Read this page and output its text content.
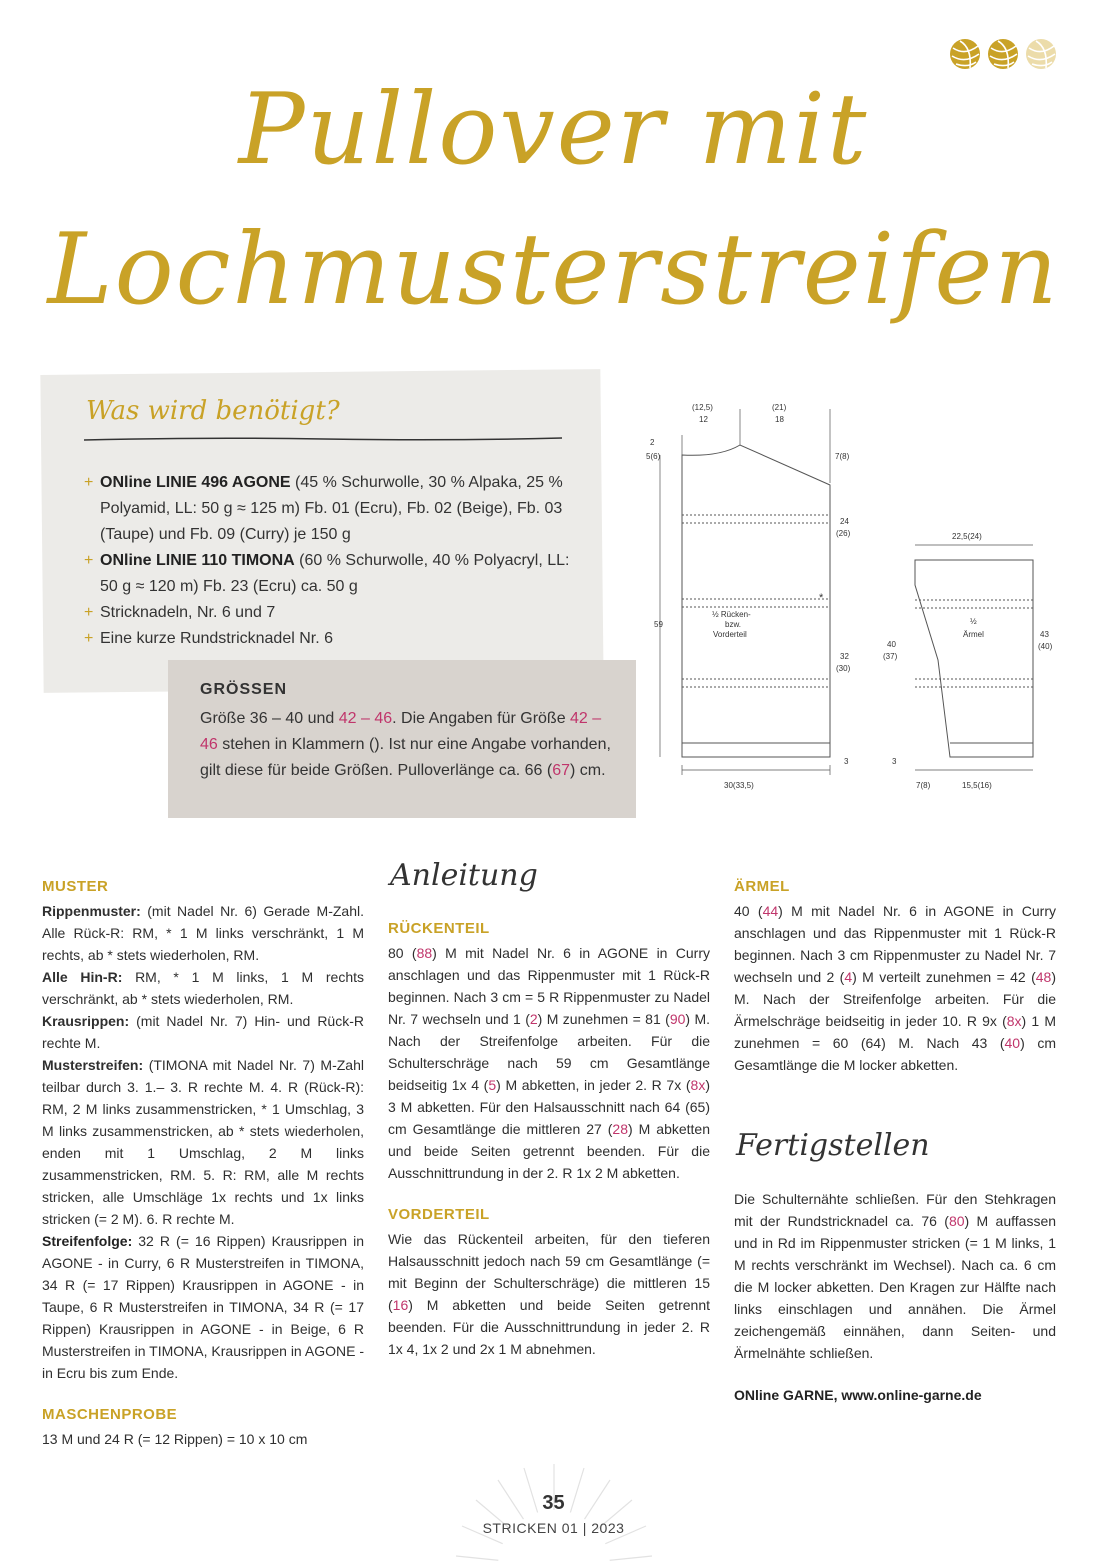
Pullover mit
Lochmusterstreifen
Was wird benötigt?
+ ONline LINIE 496 AGONE (45 % Schurwolle, 30 % Alpaka, 25 % Polyamid, LL: 50 g ≈ 125 m) Fb. 01 (Ecru), Fb. 02 (Beige), Fb. 03 (Taupe) und Fb. 09 (Curry) je 150 g
+ ONline LINIE 110 TIMONA (60 % Schurwolle, 40 % Polyacryl, LL: 50 g ≈ 120 m) Fb. 23 (Ecru) ca. 50 g
+ Stricknadeln, Nr. 6 und 7
+ Eine kurze Rundstricknadel Nr. 6
GRÖSSEN
Größe 36 – 40 und 42 – 46. Die Angaben für Größe 42 – 46 stehen in Klammern (). Ist nur eine Angabe vorhanden, gilt diese für beide Größen. Pulloverlänge ca. 66 (67) cm.
(12,5)
12
(21)
18
2
5(6)	7(8)
24
(26)
*
½ Rücken-
bzw.
Vorderteil
59
32
(30)
3
30(33,5)
22,5(24)
½
Ärmel
40
(37)
43
(40)
3
7(8)	15,5(16)
MUSTER
Rippenmuster: (mit Nadel Nr. 6) Gerade M-Zahl. Alle Rück-R: RM, * 1 M links verschränkt, 1 M rechts, ab * stets wiederholen, RM.
Alle Hin-R: RM, * 1 M links, 1 M rechts verschränkt, ab * stets wiederholen, RM.
Krausrippen: (mit Nadel Nr. 7) Hin- und Rück-R rechte M.
Musterstreifen: (TIMONA mit Nadel Nr. 7) M-Zahl teilbar durch 3. 1.– 3. R rechte M. 4. R (Rück-R): RM, 2 M links zusammenstricken, * 1 Umschlag, 3 M links zusammenstricken, ab * stets wiederholen, enden mit 1 Umschlag, 2 M links zusammenstricken, RM. 5. R: RM, alle M rechts stricken, alle Umschläge 1x rechts und 1x links stricken (= 2 M). 6. R rechte M.
Streifenfolge: 32 R (= 16 Rippen) Krausrippen in AGONE - in Curry, 6 R Musterstreifen in TIMONA, 34 R (= 17 Rippen) Krausrippen in AGONE - in Taupe, 6 R Musterstreifen in TIMONA, 34 R (= 17 Rippen) Krausrippen in AGONE - in Beige, 6 R Musterstreifen in TIMONA, Krausrippen in AGONE - in Ecru bis zum Ende.
MASCHENPROBE
13 M und 24 R (= 12 Rippen) = 10 x 10 cm
Anleitung
RÜCKENTEIL
80 (88) M mit Nadel Nr. 6 in AGONE in Curry anschlagen und das Rippenmuster mit 1 Rück-R beginnen. Nach 3 cm = 5 R Rippenmuster zu Nadel Nr. 7 wechseln und 1 (2) M zunehmen = 81 (90) M. Nach der Streifenfolge arbeiten. Für die Schulterschräge nach 59 cm Gesamtlänge beidseitig 1x 4 (5) M abketten, in jeder 2. R 7x (8x) 3 M abketten. Für den Halsausschnitt nach 64 (65) cm Gesamtlänge die mittleren 27 (28) M abketten und beide Seiten getrennt beenden. Für die Ausschnittrundung in der 2. R 1x 2 M abketten.
VORDERTEIL
Wie das Rückenteil arbeiten, für den tieferen Halsausschnitt jedoch nach 59 cm Gesamtlänge (= mit Beginn der Schulterschräge) die mittleren 15 (16) M abketten und beide Seiten getrennt beenden. Für die Ausschnittrundung in jeder 2. R 1x 4, 1x 2 und 2x 1 M abnehmen.
ÄRMEL
40 (44) M mit Nadel Nr. 6 in AGONE in Curry anschlagen und das Rippenmuster mit 1 Rück-R beginnen. Nach 3 cm Rippenmuster zu Nadel Nr. 7 wechseln und 2 (4) M verteilt zunehmen = 42 (48) M. Nach der Streifenfolge arbeiten. Für die Ärmelschräge beidseitig in jeder 10. R 9x (8x) 1 M zunehmen = 60 (64) M. Nach 43 (40) cm Gesamtlänge die M locker abketten.
Fertigstellen
Die Schulternähte schließen. Für den Stehkragen mit der Rundstricknadel ca. 76 (80) M auffassen und in Rd im Rippenmuster stricken (= 1 M links, 1 M rechts verschränkt im Wechsel). Nach ca. 6 cm die M locker abketten. Den Kragen zur Hälfte nach links einschlagen und annähen. Die Ärmel zeichengemäß einnähen, dann Seiten- und Ärmelnähte schließen.
ONline GARNE, www.online-garne.de
35
STRICKEN 01 | 2023
